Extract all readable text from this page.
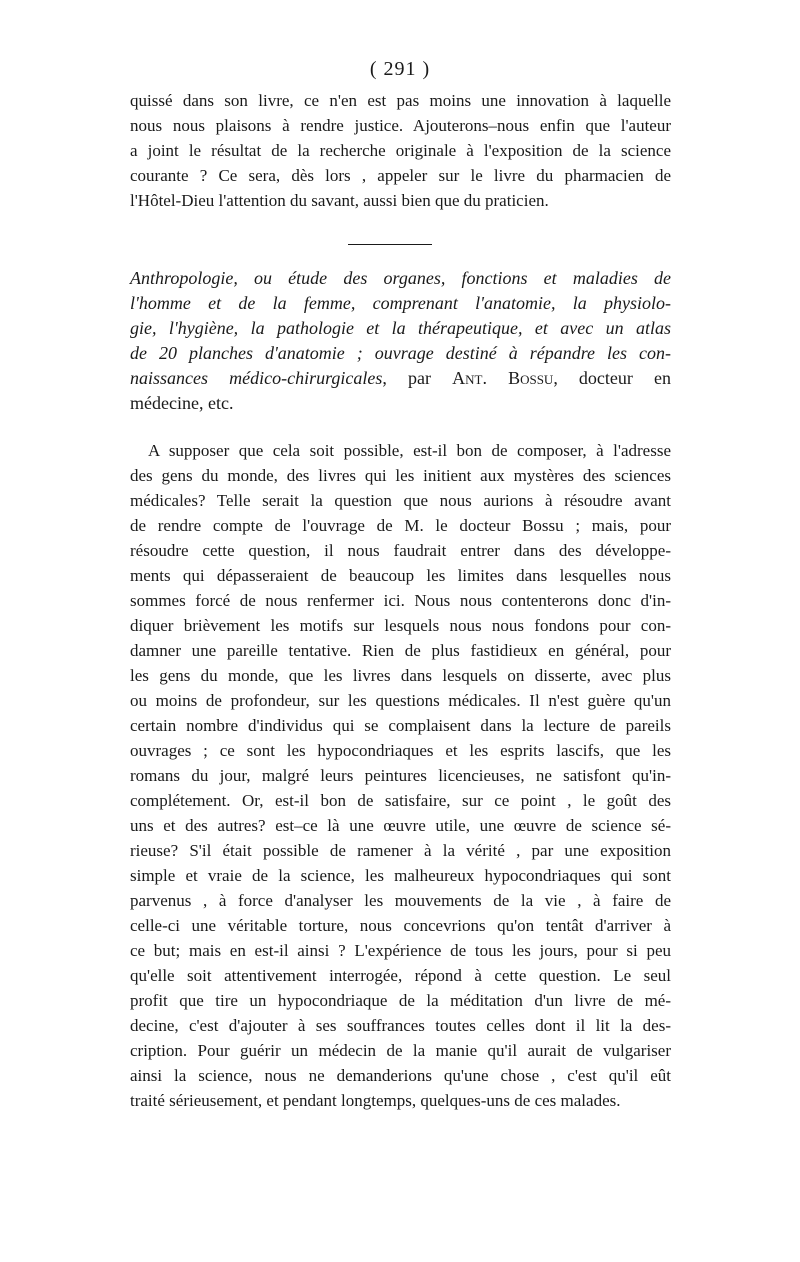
( 291 )
quissé dans son livre, ce n'en est pas moins une innovation à laquelle
nous nous plaisons à rendre justice. Ajouterons–nous enfin que l'auteur
a joint le résultat de la recherche originale à l'exposition de la science
courante ? Ce sera, dès lors , appeler sur le livre du pharmacien de
l'Hôtel-Dieu l'attention du savant, aussi bien que du praticien.
Anthropologie, ou étude des organes, fonctions et maladies de
l'homme et de la femme, comprenant l'anatomie, la physiolo-
gie, l'hygiène, la pathologie et la thérapeutique, et avec un atlas
de 20 planches d'anatomie ; ouvrage destiné à répandre les con-
naissances médico-chirurgicales, par Ant. Bossu, docteur en
médecine, etc.
A supposer que cela soit possible, est-il bon de composer, à l'adresse
des gens du monde, des livres qui les initient aux mystères des sciences
médicales? Telle serait la question que nous aurions à résoudre avant
de rendre compte de l'ouvrage de M. le docteur Bossu ; mais, pour
résoudre cette question, il nous faudrait entrer dans des développe-
ments qui dépasseraient de beaucoup les limites dans lesquelles nous
sommes forcé de nous renfermer ici. Nous nous contenterons donc d'in-
diquer brièvement les motifs sur lesquels nous nous fondons pour con-
damner une pareille tentative. Rien de plus fastidieux en général, pour
les gens du monde, que les livres dans lesquels on disserte, avec plus
ou moins de profondeur, sur les questions médicales. Il n'est guère qu'un
certain nombre d'individus qui se complaisent dans la lecture de pareils
ouvrages ; ce sont les hypocondriaques et les esprits lascifs, que les
romans du jour, malgré leurs peintures licencieuses, ne satisfont qu'in-
complétement. Or, est-il bon de satisfaire, sur ce point , le goût des
uns et des autres? est–ce là une œuvre utile, une œuvre de science sé-
rieuse? S'il était possible de ramener à la vérité , par une exposition
simple et vraie de la science, les malheureux hypocondriaques qui sont
parvenus , à force d'analyser les mouvements de la vie , à faire de
celle-ci une véritable torture, nous concevrions qu'on tentât d'arriver à
ce but; mais en est-il ainsi ? L'expérience de tous les jours, pour si peu
qu'elle soit attentivement interrogée, répond à cette question. Le seul
profit que tire un hypocondriaque de la méditation d'un livre de mé-
decine, c'est d'ajouter à ses souffrances toutes celles dont il lit la des-
cription. Pour guérir un médecin de la manie qu'il aurait de vulgariser
ainsi la science, nous ne demanderions qu'une chose , c'est qu'il eût
traité sérieusement, et pendant longtemps, quelques-uns de ces malades.
